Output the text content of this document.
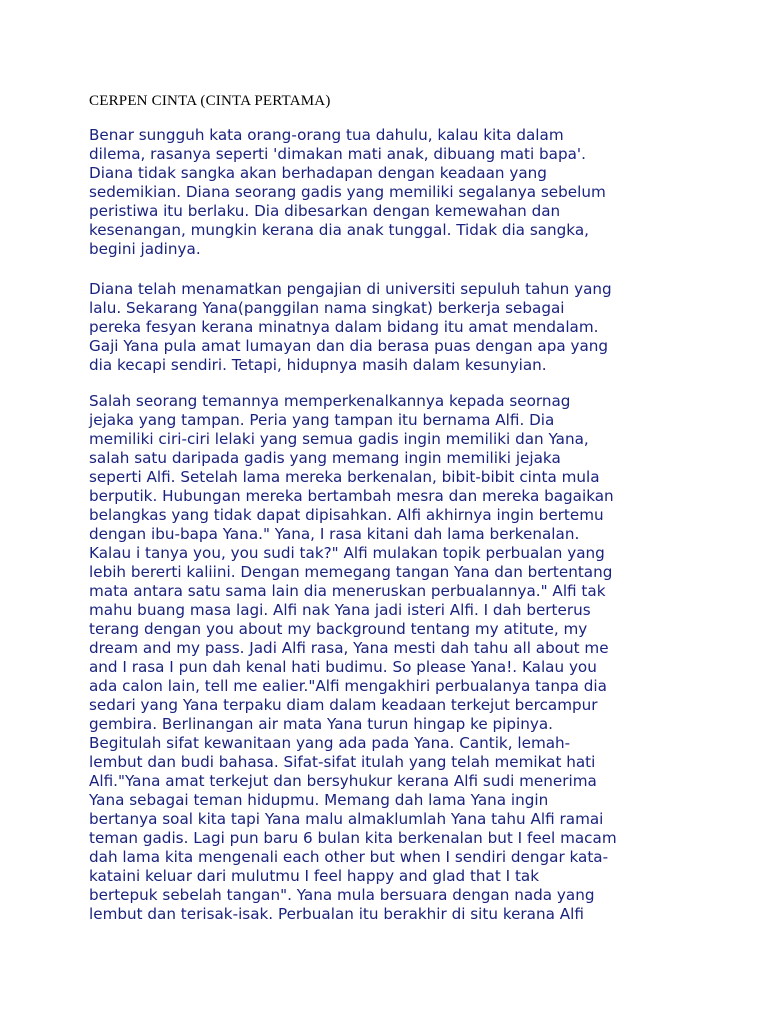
CERPEN CINTA (CINTA PERTAMA)

Benar sungguh kata orang-orang tua dahulu, kalau kita dalam
dilema, rasanya seperti 'dimakan mati anak, dibuang mati bapa'.
Diana tidak sangka akan berhadapan dengan keadaan yang
sedemikian. Diana seorang gadis yang memiliki segalanya sebelum
peristiwa itu berlaku. Dia dibesarkan dengan kemewahan dan
kesenangan, mungkin kerana dia anak tunggal. Tidak dia sangka,
begini jadinya.

Diana telah menamatkan pengajian di universiti sepuluh tahun yang
lalu. Sekarang Yana(panggilan nama singkat) berkerja sebagai
pereka fesyan kerana minatnya dalam bidang itu amat mendalam.
Gaji Yana pula amat lumayan dan dia berasa puas dengan apa yang
dia kecapi sendiri. Tetapi, hidupnya masih dalam kesunyian.

Salah seorang temannya memperkenalkannya kepada seornag
jejaka yang tampan. Peria yang tampan itu bernama Alfi. Dia
memiliki ciri-ciri lelaki yang semua gadis ingin memiliki dan Yana,
salah satu daripada gadis yang memang ingin memiliki jejaka
seperti Alfi. Setelah lama mereka berkenalan, bibit-bibit cinta mula
berputik. Hubungan mereka bertambah mesra dan mereka bagaikan
belangkas yang tidak dapat dipisahkan. Alfi akhirnya ingin bertemu
dengan ibu-bapa Yana." Yana, I rasa kitani dah lama berkenalan.
Kalau i tanya you, you sudi tak?" Alfi mulakan topik perbualan yang
lebih bererti kaliini. Dengan memegang tangan Yana dan bertentang
mata antara satu sama lain dia meneruskan perbualannya." Alfi tak
mahu buang masa lagi. Alfi nak Yana jadi isteri Alfi. I dah berterus
terang dengan you about my background tentang my atitute, my
dream and my pass. Jadi Alfi rasa, Yana mesti dah tahu all about me
and I rasa I pun dah kenal hati budimu. So please Yana!. Kalau you
ada calon lain, tell me ealier."Alfi mengakhiri perbualanya tanpa dia
sedari yang Yana terpaku diam dalam keadaan terkejut bercampur
gembira. Berlinangan air mata Yana turun hingap ke pipinya.
Begitulah sifat kewanitaan yang ada pada Yana. Cantik, lemah-
lembut dan budi bahasa. Sifat-sifat itulah yang telah memikat hati
Alfi."Yana amat terkejut dan bersyhukur kerana Alfi sudi menerima
Yana sebagai teman hidupmu. Memang dah lama Yana ingin
bertanya soal kita tapi Yana malu almaklumlah Yana tahu Alfi ramai
teman gadis. Lagi pun baru 6 bulan kita berkenalan but I feel macam
dah lama kita mengenali each other but when I sendiri dengar kata-
kataini keluar dari mulutmu I feel happy and glad that I tak
bertepuk sebelah tangan". Yana mula bersuara dengan nada yang
lembut dan terisak-isak. Perbualan itu berakhir di situ kerana Alfi
